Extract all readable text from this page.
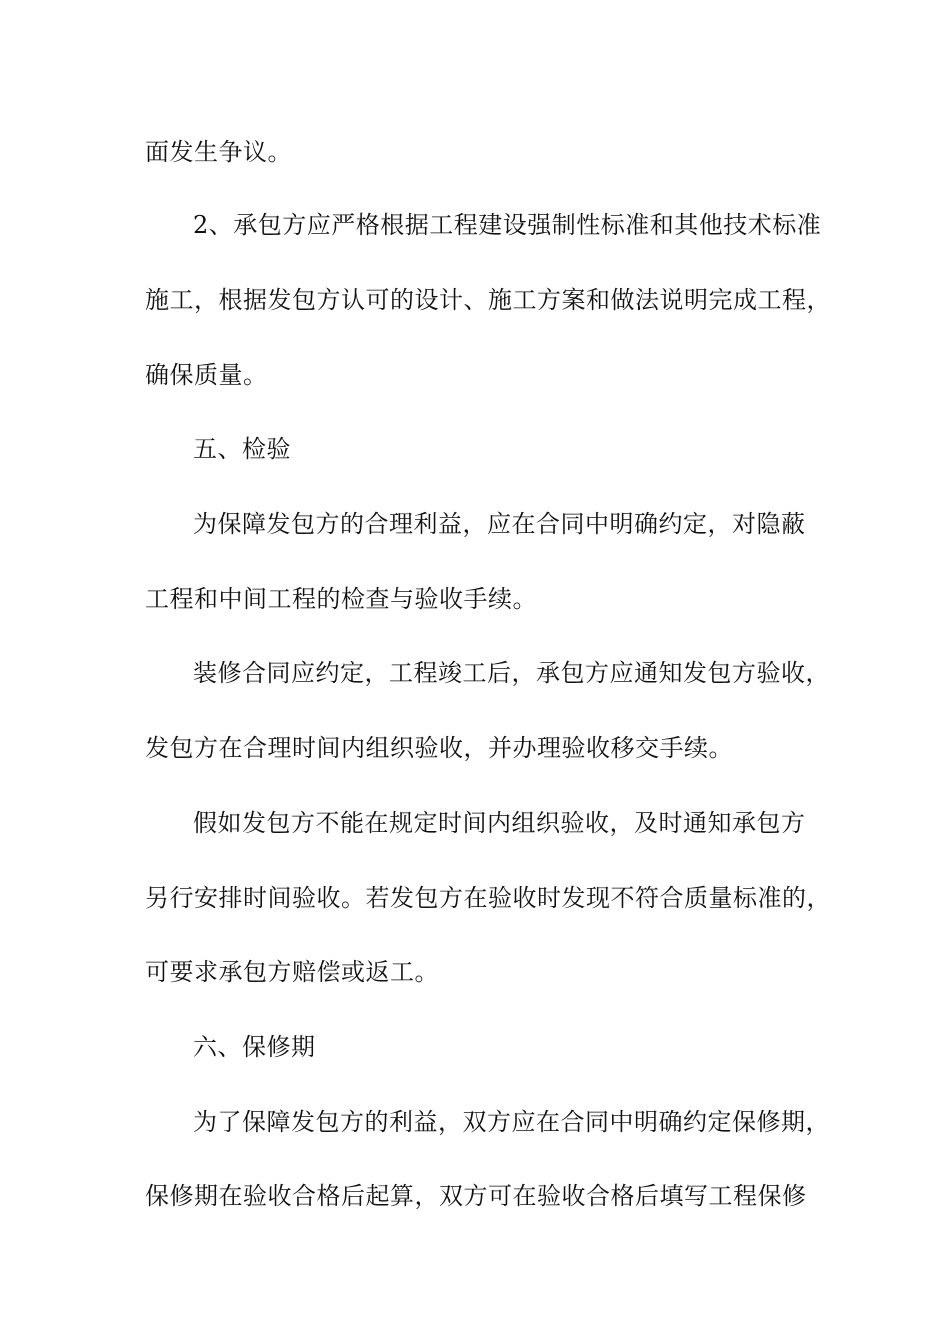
面发生争议。
2、承包方应严格根据工程建设强制性标准和其他技术标准
施工，根据发包方认可的设计、施工方案和做法说明完成工程，
确保质量。
五、检验
为保障发包方的合理利益，应在合同中明确约定，对隐蔽
工程和中间工程的检查与验收手续。
装修合同应约定，工程竣工后，承包方应通知发包方验收，
发包方在合理时间内组织验收，并办理验收移交手续。
假如发包方不能在规定时间内组织验收，及时通知承包方
另行安排时间验收。若发包方在验收时发现不符合质量标准的，
可要求承包方赔偿或返工。
六、保修期
为了保障发包方的利益，双方应在合同中明确约定保修期，
保修期在验收合格后起算，双方可在验收合格后填写工程保修
